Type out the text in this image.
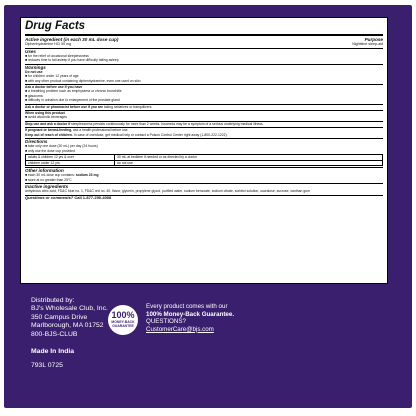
Drug Facts
Active ingredient (in each 30 mL dose cup)	Purpose
Diphenhydramine HCl 50 mg	Nighttime sleep-aid
Uses
■ for the relief of occasional sleeplessness
■ reduces time to fall asleep if you have difficulty falling asleep
Warnings
Do not use
■ for children under 12 years of age
■ with any other product containing diphenhydramine, even one used on skin
Ask a doctor before use if you have
■ a breathing problem such as emphysema or chronic bronchitis
■ glaucoma
■ difficulty in urination due to enlargement of the prostate gland
Ask a doctor or pharmacist before use if you are taking sedatives or tranquilizers
When using this product
■ avoid alcoholic beverages
Stop use and ask a doctor if sleeplessness persists continuously for more than 2 weeks. Insomnia may be a symptom of a serious underlying medical illness.
If pregnant or breast-feeding, ask a health professional before use.
Keep out of reach of children. In case of overdose, get medical help or contact a Poison Control Center right away (1-800-222-1222).
Directions
■ take only one dose (30 mL) per day (24 hours)
■ only use the dose cup provided
adults & children 12 yrs & over	30 mL at bedtime if needed or as directed by a doctor
children under 12 yrs	do not use
Other information
■ each 30 mL dose cup contains: sodium 23 mg
■ store at no greater than 25°C
Inactive ingredients
anhydrous citric acid, FD&C blue no. 1, FD&C red no. 40, flavor, glycerin, propylene glycol, purified water, sodium benzoate, sodium citrate, sorbitol solution, sucralose, sucrose, xanthan gum
Questions or comments? Call 1-877-290-4008
Distributed by:
BJ's Wholesale Club, Inc.
350 Campus Drive
Marlborough, MA 01752
800-BJS-CLUB
Made In India
793L 0725
100%
MONEY-BACK GUARANTEE
Every product comes with our
100% Money-Back Guarantee.
QUESTIONS?
CustomerCare@bjs.com
